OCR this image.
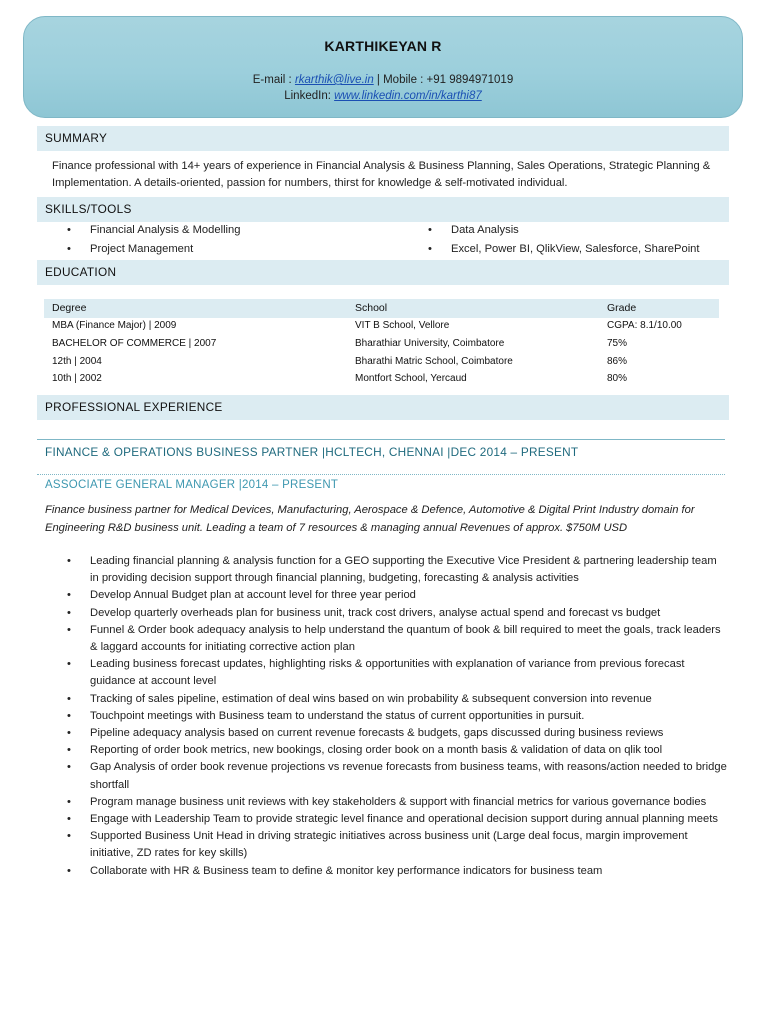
KARTHIKEYAN R
E-mail : rkarthik@live.in | Mobile : +91 9894971019
LinkedIn: www.linkedin.com/in/karthi87
SUMMARY
Finance professional with 14+ years of experience in Financial Analysis & Business Planning, Sales Operations, Strategic Planning & Implementation. A details-oriented, passion for numbers, thirst for knowledge & self-motivated individual.
SKILLS/TOOLS
• Financial Analysis & Modelling
• Project Management
• Data Analysis
• Excel, Power BI, QlikView, Salesforce, SharePoint
EDUCATION
Degree	School	Grade
MBA (Finance Major) | 2009	VIT B School, Vellore	CGPA: 8.1/10.00
BACHELOR OF COMMERCE | 2007	Bharathiar University, Coimbatore	75%
12th | 2004	Bharathi Matric School, Coimbatore	86%
10th | 2002	Montfort School, Yercaud	80%
PROFESSIONAL EXPERIENCE
FINANCE & OPERATIONS BUSINESS PARTNER |HCLTECH, CHENNAI |DEC 2014 – PRESENT
ASSOCIATE GENERAL MANAGER |2014 – PRESENT
Finance business partner for Medical Devices, Manufacturing, Aerospace & Defence, Automotive & Digital Print Industry domain for Engineering R&D business unit. Leading a team of 7 resources & managing annual Revenues of approx. $750M USD
• Leading financial planning & analysis function for a GEO supporting the Executive Vice President & partnering leadership team in providing decision support through financial planning, budgeting, forecasting & analysis activities
• Develop Annual Budget plan at account level for three year period
• Develop quarterly overheads plan for business unit, track cost drivers, analyse actual spend and forecast vs budget
• Funnel & Order book adequacy analysis to help understand the quantum of book & bill required to meet the goals, track leaders & laggard accounts for initiating corrective action plan
• Leading business forecast updates, highlighting risks & opportunities with explanation of variance from previous forecast guidance at account level
• Tracking of sales pipeline, estimation of deal wins based on win probability & subsequent conversion into revenue
• Touchpoint meetings with Business team to understand the status of current opportunities in pursuit.
• Pipeline adequacy analysis based on current revenue forecasts & budgets, gaps discussed during business reviews
• Reporting of order book metrics, new bookings, closing order book on a month basis & validation of data on qlik tool
• Gap Analysis of order book revenue projections vs revenue forecasts from business teams, with reasons/action needed to bridge shortfall
• Program manage business unit reviews with key stakeholders & support with financial metrics for various governance bodies
• Engage with Leadership Team to provide strategic level finance and operational decision support during annual planning meets
• Supported Business Unit Head in driving strategic initiatives across business unit (Large deal focus, margin improvement initiative, ZD rates for key skills)
• Collaborate with HR & Business team to define & monitor key performance indicators for business team
